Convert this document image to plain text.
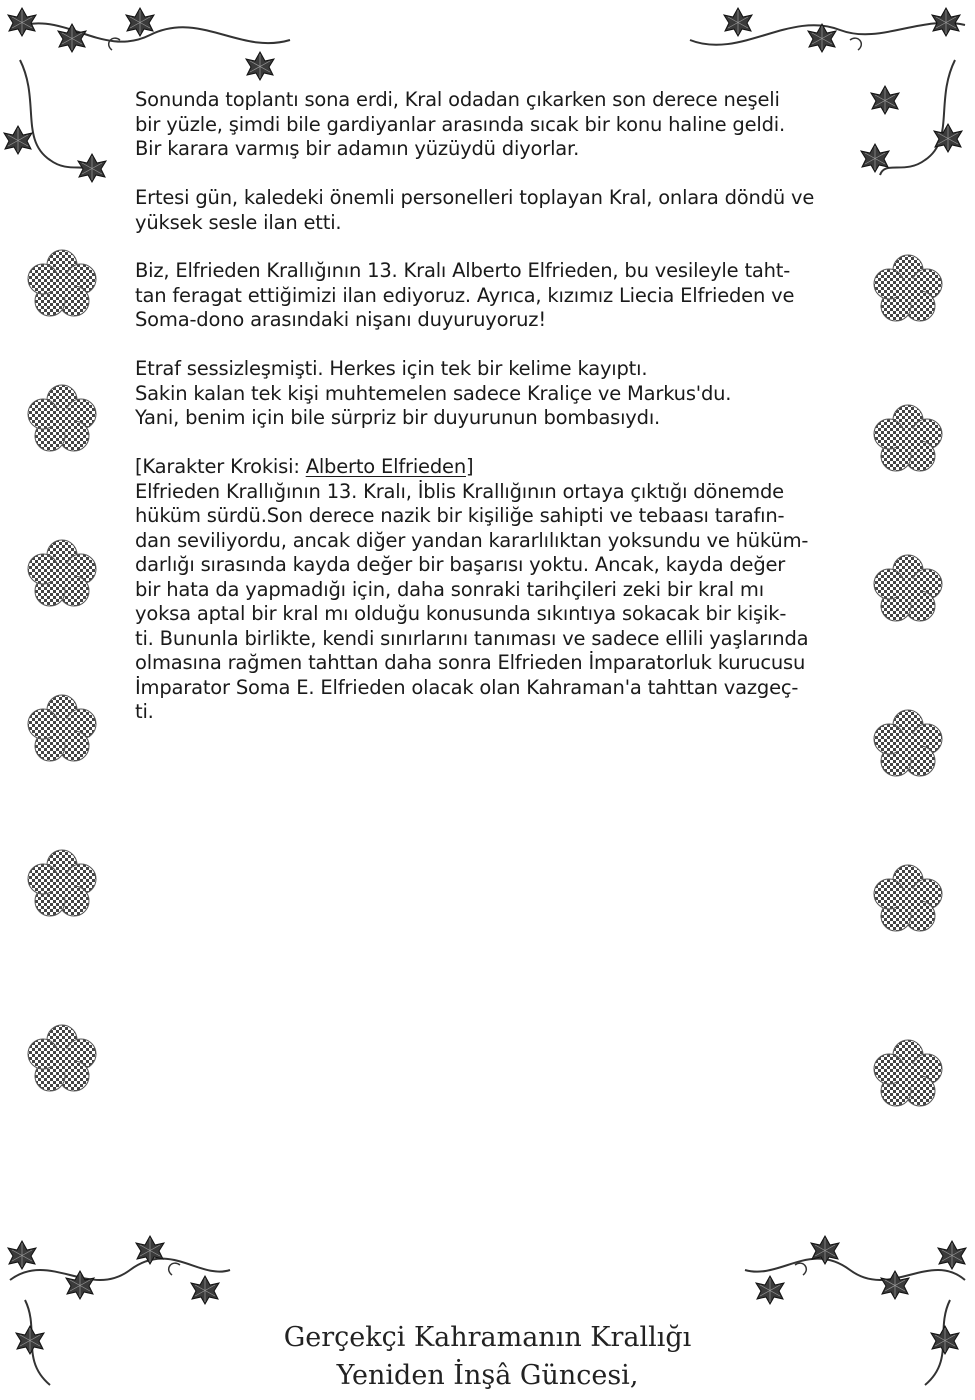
Sonunda toplantı sona erdi, Kral odadan çıkarken son derece neşeli

bir yüzle, şimdi bile gardiyanlar arasında sıcak bir konu haline geldi.

Bir karara varmış bir adamın yüzüydü diyorlar.

Ertesi gün, kaledeki önemli personelleri toplayan Kral, onlara döndü ve

yüksek sesle ilan etti.

Biz, Elfrieden Krallığının 13. Kralı Alberto Elfrieden, bu vesileyle taht-

tan feragat ettiğimizi ilan ediyoruz. Ayrıca, kızımız Liecia Elfrieden ve

Soma-dono arasındaki nişanı duyuruyoruz!

Etraf sessizleşmişti. Herkes için tek bir kelime kayıptı.

Sakin kalan tek kişi muhtemelen sadece Kraliçe ve Markus'du.

Yani, benim için bile sürpriz bir duyurunun bombasıydı.

[Karakter Krokisi: Alberto Elfrieden]

Elfrieden Krallığının 13. Kralı, İblis Krallığının ortaya çıktığı dönemde

hüküm sürdü.Son derece nazik bir kişiliğe sahipti ve tebaası tarafın-

dan seviliyordu, ancak diğer yandan kararlılıktan yoksundu ve hüküm-

darlığı sırasında kayda değer bir başarısı yoktu. Ancak, kayda değer

bir hata da yapmadığı için, daha sonraki tarihçileri zeki bir kral mı

yoksa aptal bir kral mı olduğu konusunda sıkıntıya sokacak bir kişik-

ti. Bununla birlikte, kendi sınırlarını tanıması ve sadece ellili yaşlarında

olmasına rağmen tahttan daha sonra Elfrieden İmparatorluk kurucusu

İmparator Soma E. Elfrieden olacak olan Kahraman'a tahttan vazgeç-

ti.

Gerçekçi Kahramanın Krallığı
Yeniden İnşâ Güncesi,
